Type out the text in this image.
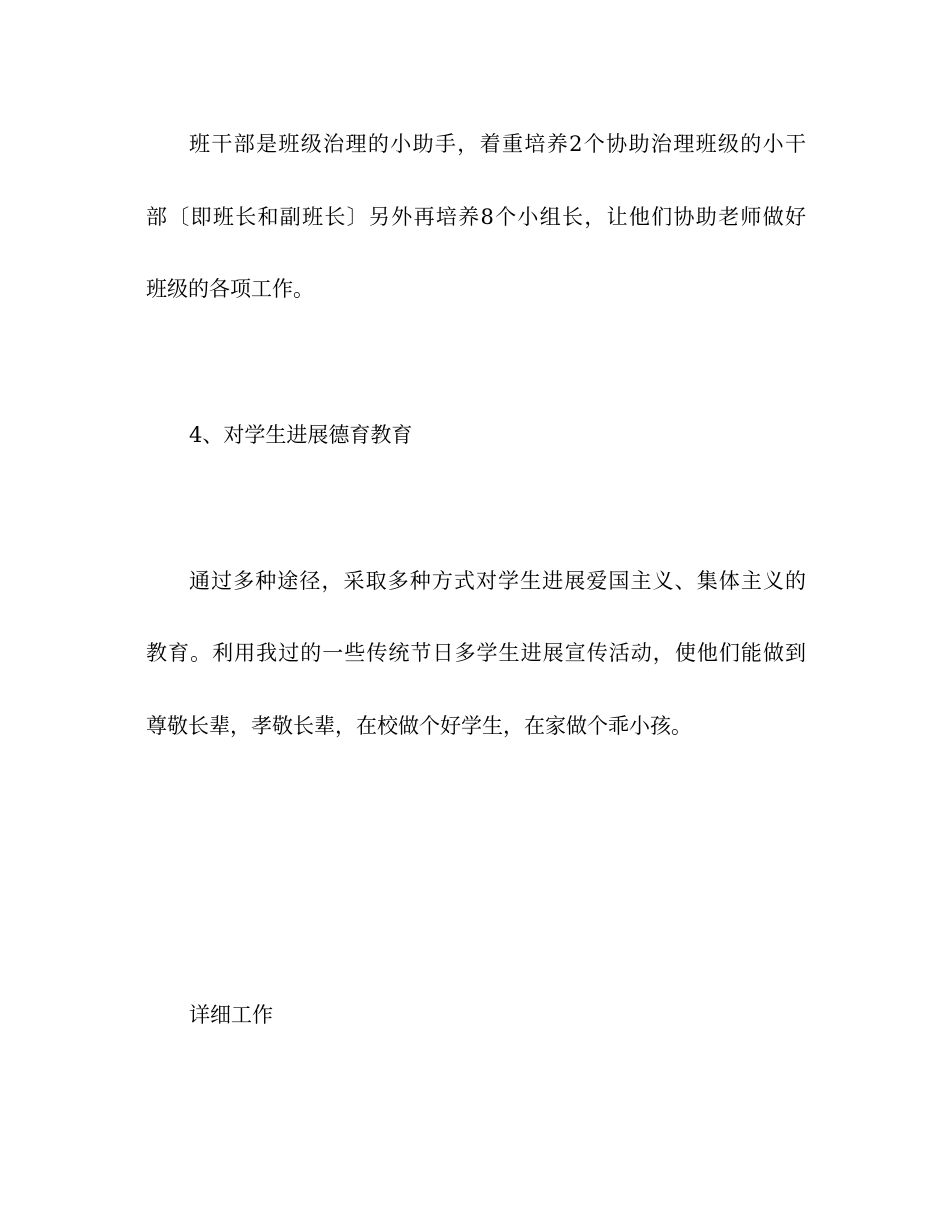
班干部是班级治理的小助手，着重培养2个协助治理班级的小干
部〔即班长和副班长〕另外再培养8个小组长，让他们协助老师做好
班级的各项工作。
4、对学生进展德育教育
通过多种途径，采取多种方式对学生进展爱国主义、集体主义的
教育。利用我过的一些传统节日多学生进展宣传活动，使他们能做到
尊敬长辈，孝敬长辈，在校做个好学生，在家做个乖小孩。
详细工作
